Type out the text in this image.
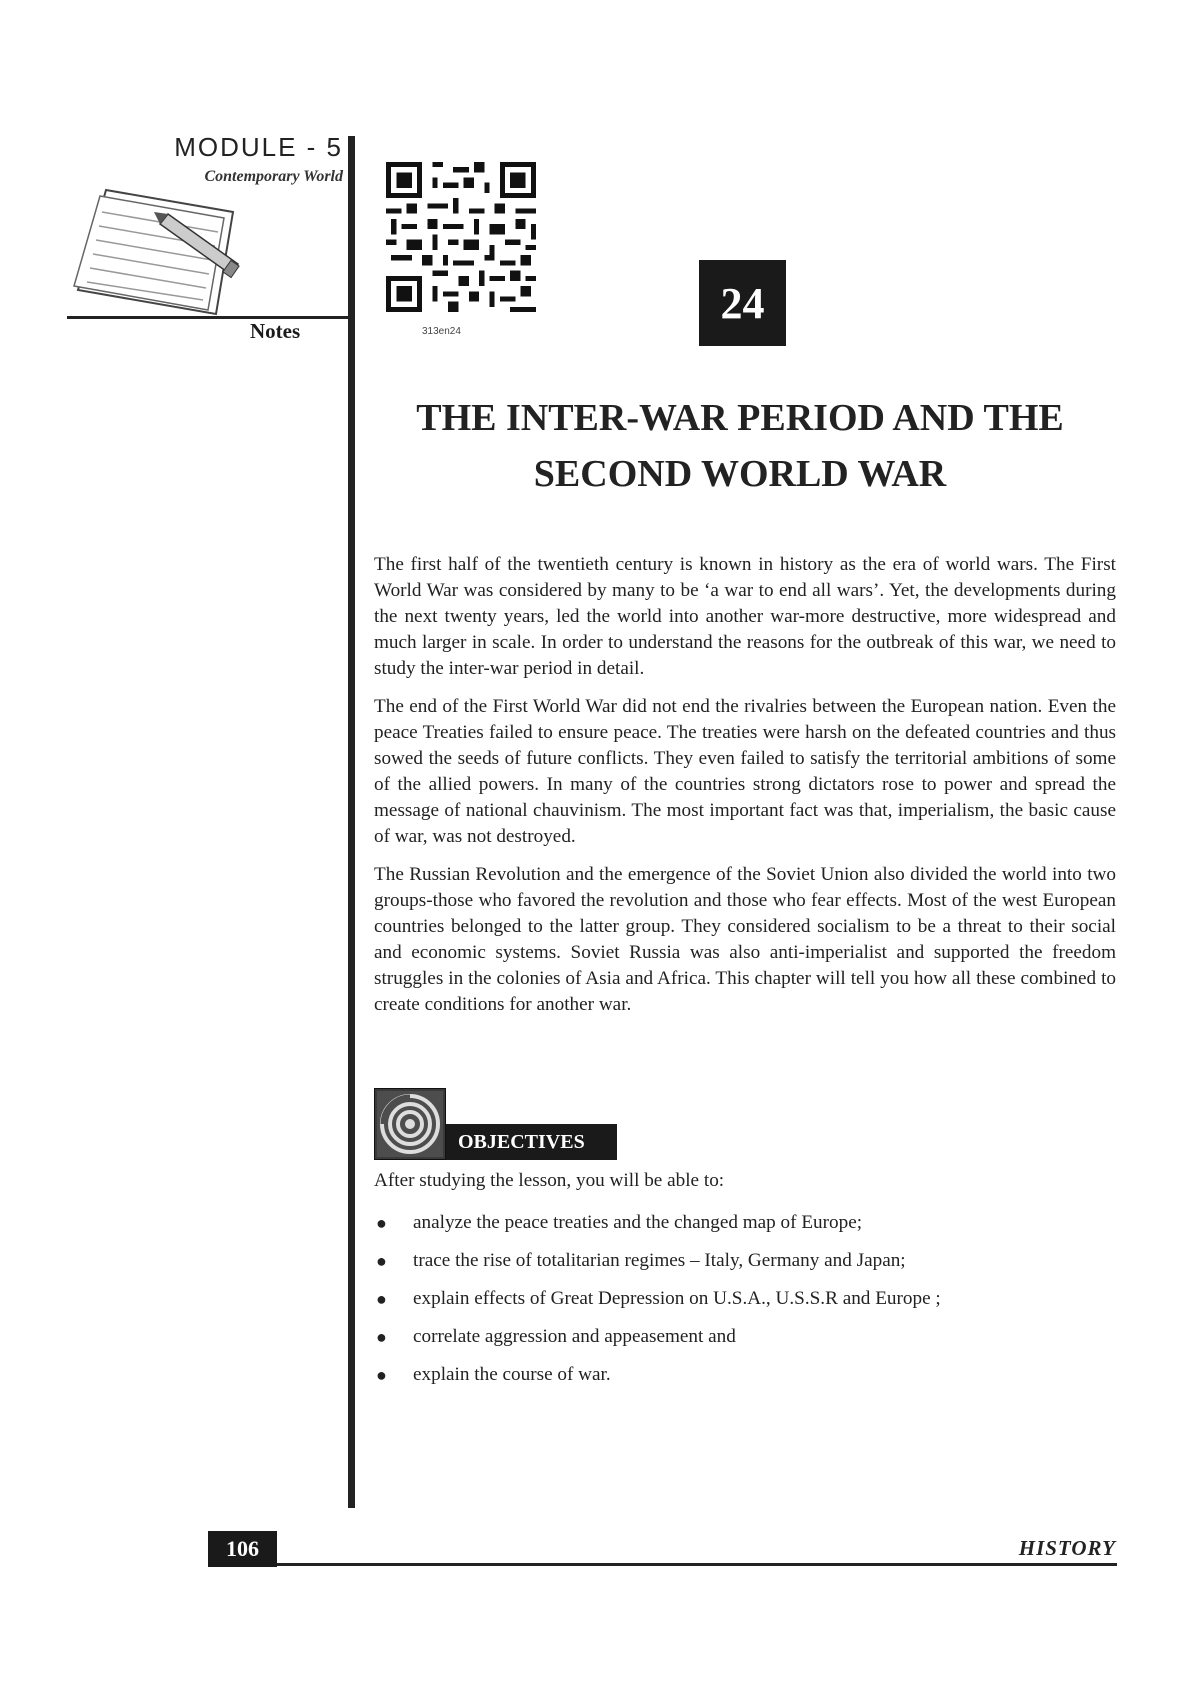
MODULE - 5
Contemporary World
Notes	313en24
24
THE INTER-WAR PERIOD AND THE
SECOND WORLD WAR

The first half of the twentieth century is known in history as the era of world wars. The First World War was considered by many to be ‘a war to end all wars’. Yet, the developments during the next twenty years, led the world into another war-more destructive, more widespread and much larger in scale. In order to understand the reasons for the outbreak of this war, we need to study the inter-war period in detail.

The end of the First World War did not end the rivalries between the European nation. Even the peace Treaties failed to ensure peace. The treaties were harsh on the defeated countries and thus sowed the seeds of future conflicts. They even failed to satisfy the territorial ambitions of some of the allied powers. In many of the countries strong dictators rose to power and spread the message of national chauvinism. The most important fact was that, imperialism, the basic cause of war, was not destroyed.

The Russian Revolution and the emergence of the Soviet Union also divided the world into two groups-those who favored the revolution and those who fear effects. Most of the west European countries belonged to the latter group. They considered socialism to be a threat to their social and economic systems. Soviet Russia was also anti-imperialist and supported the freedom struggles in the colonies of Asia and Africa. This chapter will tell you how all these combined to create conditions for another war.

OBJECTIVES
After studying the lesson, you will be able to:
● analyze the peace treaties and the changed map of Europe;
● trace the rise of totalitarian regimes – Italy, Germany and Japan;
● explain effects of Great Depression on U.S.A., U.S.S.R and Europe ;
● correlate aggression and appeasement and
● explain the course of war.
106	HISTORY
